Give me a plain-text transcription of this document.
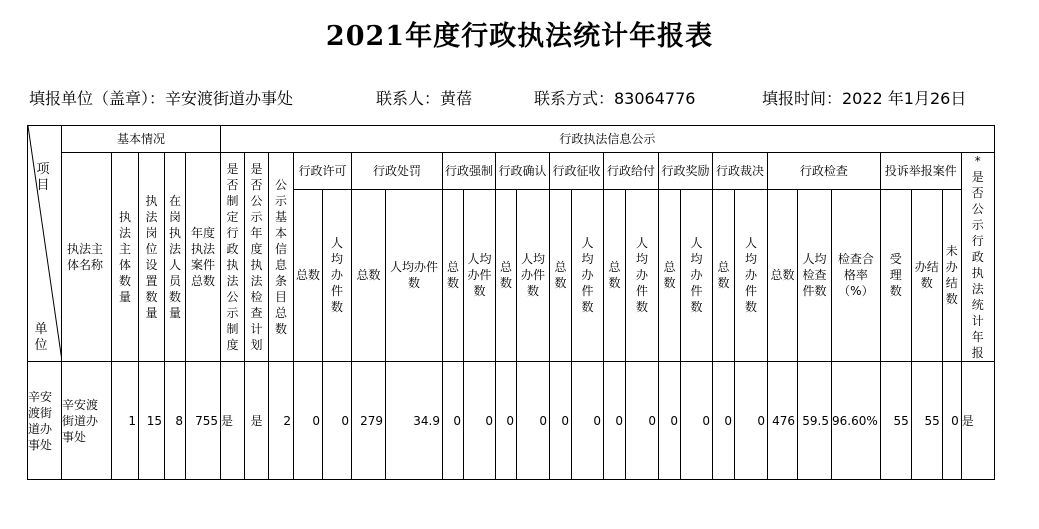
2021年度行政执法统计年报表
填报单位（盖章）：辛安渡街道办事处	联系人：黄蓓	联系方式：83064776	填报时间：2022 年1月26日
项目
单位	基本情况					行政执法信息公示																									
	执法主体名称	执法主体数量	执法岗位设置数量	在岗执法人员数量	年度执法案件总数	是否制定行政执法公示制度	是否公示年度执法检查计划	公示基本信息条目总数	行政许可		行政处罚		行政强制		行政确认		行政征收		行政给付		行政奖励		行政裁决		行政检查			投诉举报案件			*是否公示行政执法统计年报
									总数	人均办件数	总数	人均办件数	总数	人均办件数	总数	人均办件数	总数	人均办件数	总数	人均办件数	总数	人均办件数	总数	人均办件数	总数	人均检查件数	检查合格率（%）	受理数	办结数	未办结数	
辛安渡街道办事处	辛安渡街道办事处	1	15	8	755	是	是	2	0	0	279	34.9	0	0	0	0	0	0	0	0	0	0	0	0	476	59.5	96.60%	55	55	0	是
